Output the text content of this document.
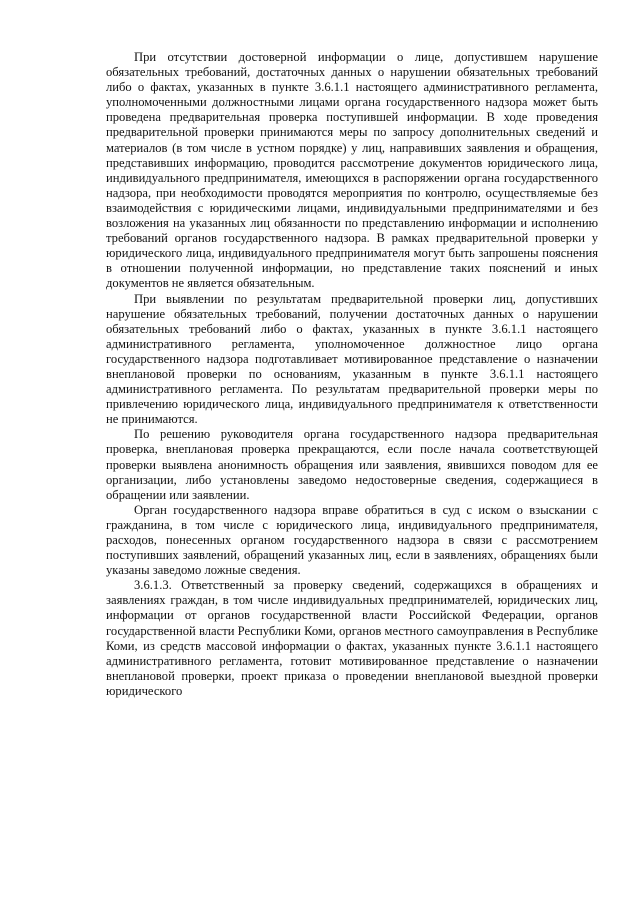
При отсутствии достоверной информации о лице, допустившем нарушение обязательных требований, достаточных данных о нарушении обязательных требований либо о фактах, указанных в пункте 3.6.1.1 настоящего административного регламента, уполномоченными должностными лицами органа государственного надзора может быть проведена предварительная проверка поступившей информации. В ходе проведения предварительной проверки принимаются меры по запросу дополнительных сведений и материалов (в том числе в устном порядке) у лиц, направивших заявления и обращения, представивших информацию, проводится рассмотрение документов юридического лица, индивидуального предпринимателя, имеющихся в распоряжении органа государственного надзора, при необходимости проводятся мероприятия по контролю, осуществляемые без взаимодействия с юридическими лицами, индивидуальными предпринимателями и без возложения на указанных лиц обязанности по представлению информации и исполнению требований органов государственного надзора. В рамках предварительной проверки у юридического лица, индивидуального предпринимателя могут быть запрошены пояснения в отношении полученной информации, но представление таких пояснений и иных документов не является обязательным.

При выявлении по результатам предварительной проверки лиц, допустивших нарушение обязательных требований, получении достаточных данных о нарушении обязательных требований либо о фактах, указанных в пункте 3.6.1.1 настоящего административного регламента, уполномоченное должностное лицо органа государственного надзора подготавливает мотивированное представление о назначении внеплановой проверки по основаниям, указанным в пункте 3.6.1.1 настоящего административного регламента. По результатам предварительной проверки меры по привлечению юридического лица, индивидуального предпринимателя к ответственности не принимаются.

По решению руководителя органа государственного надзора предварительная проверка, внеплановая проверка прекращаются, если после начала соответствующей проверки выявлена анонимность обращения или заявления, явившихся поводом для ее организации, либо установлены заведомо недостоверные сведения, содержащиеся в обращении или заявлении.

Орган государственного надзора вправе обратиться в суд с иском о взыскании с гражданина, в том числе с юридического лица, индивидуального предпринимателя, расходов, понесенных органом государственного надзора в связи с рассмотрением поступивших заявлений, обращений указанных лиц, если в заявлениях, обращениях были указаны заведомо ложные сведения.

3.6.1.3. Ответственный за проверку сведений, содержащихся в обращениях и заявлениях граждан, в том числе индивидуальных предпринимателей, юридических лиц, информации от органов государственной власти Российской Федерации, органов государственной власти Республики Коми, органов местного самоуправления в Республике Коми, из средств массовой информации о фактах, указанных пункте 3.6.1.1 настоящего административного регламента, готовит мотивированное представление о назначении внеплановой проверки, проект приказа о проведении внеплановой выездной проверки юридического
